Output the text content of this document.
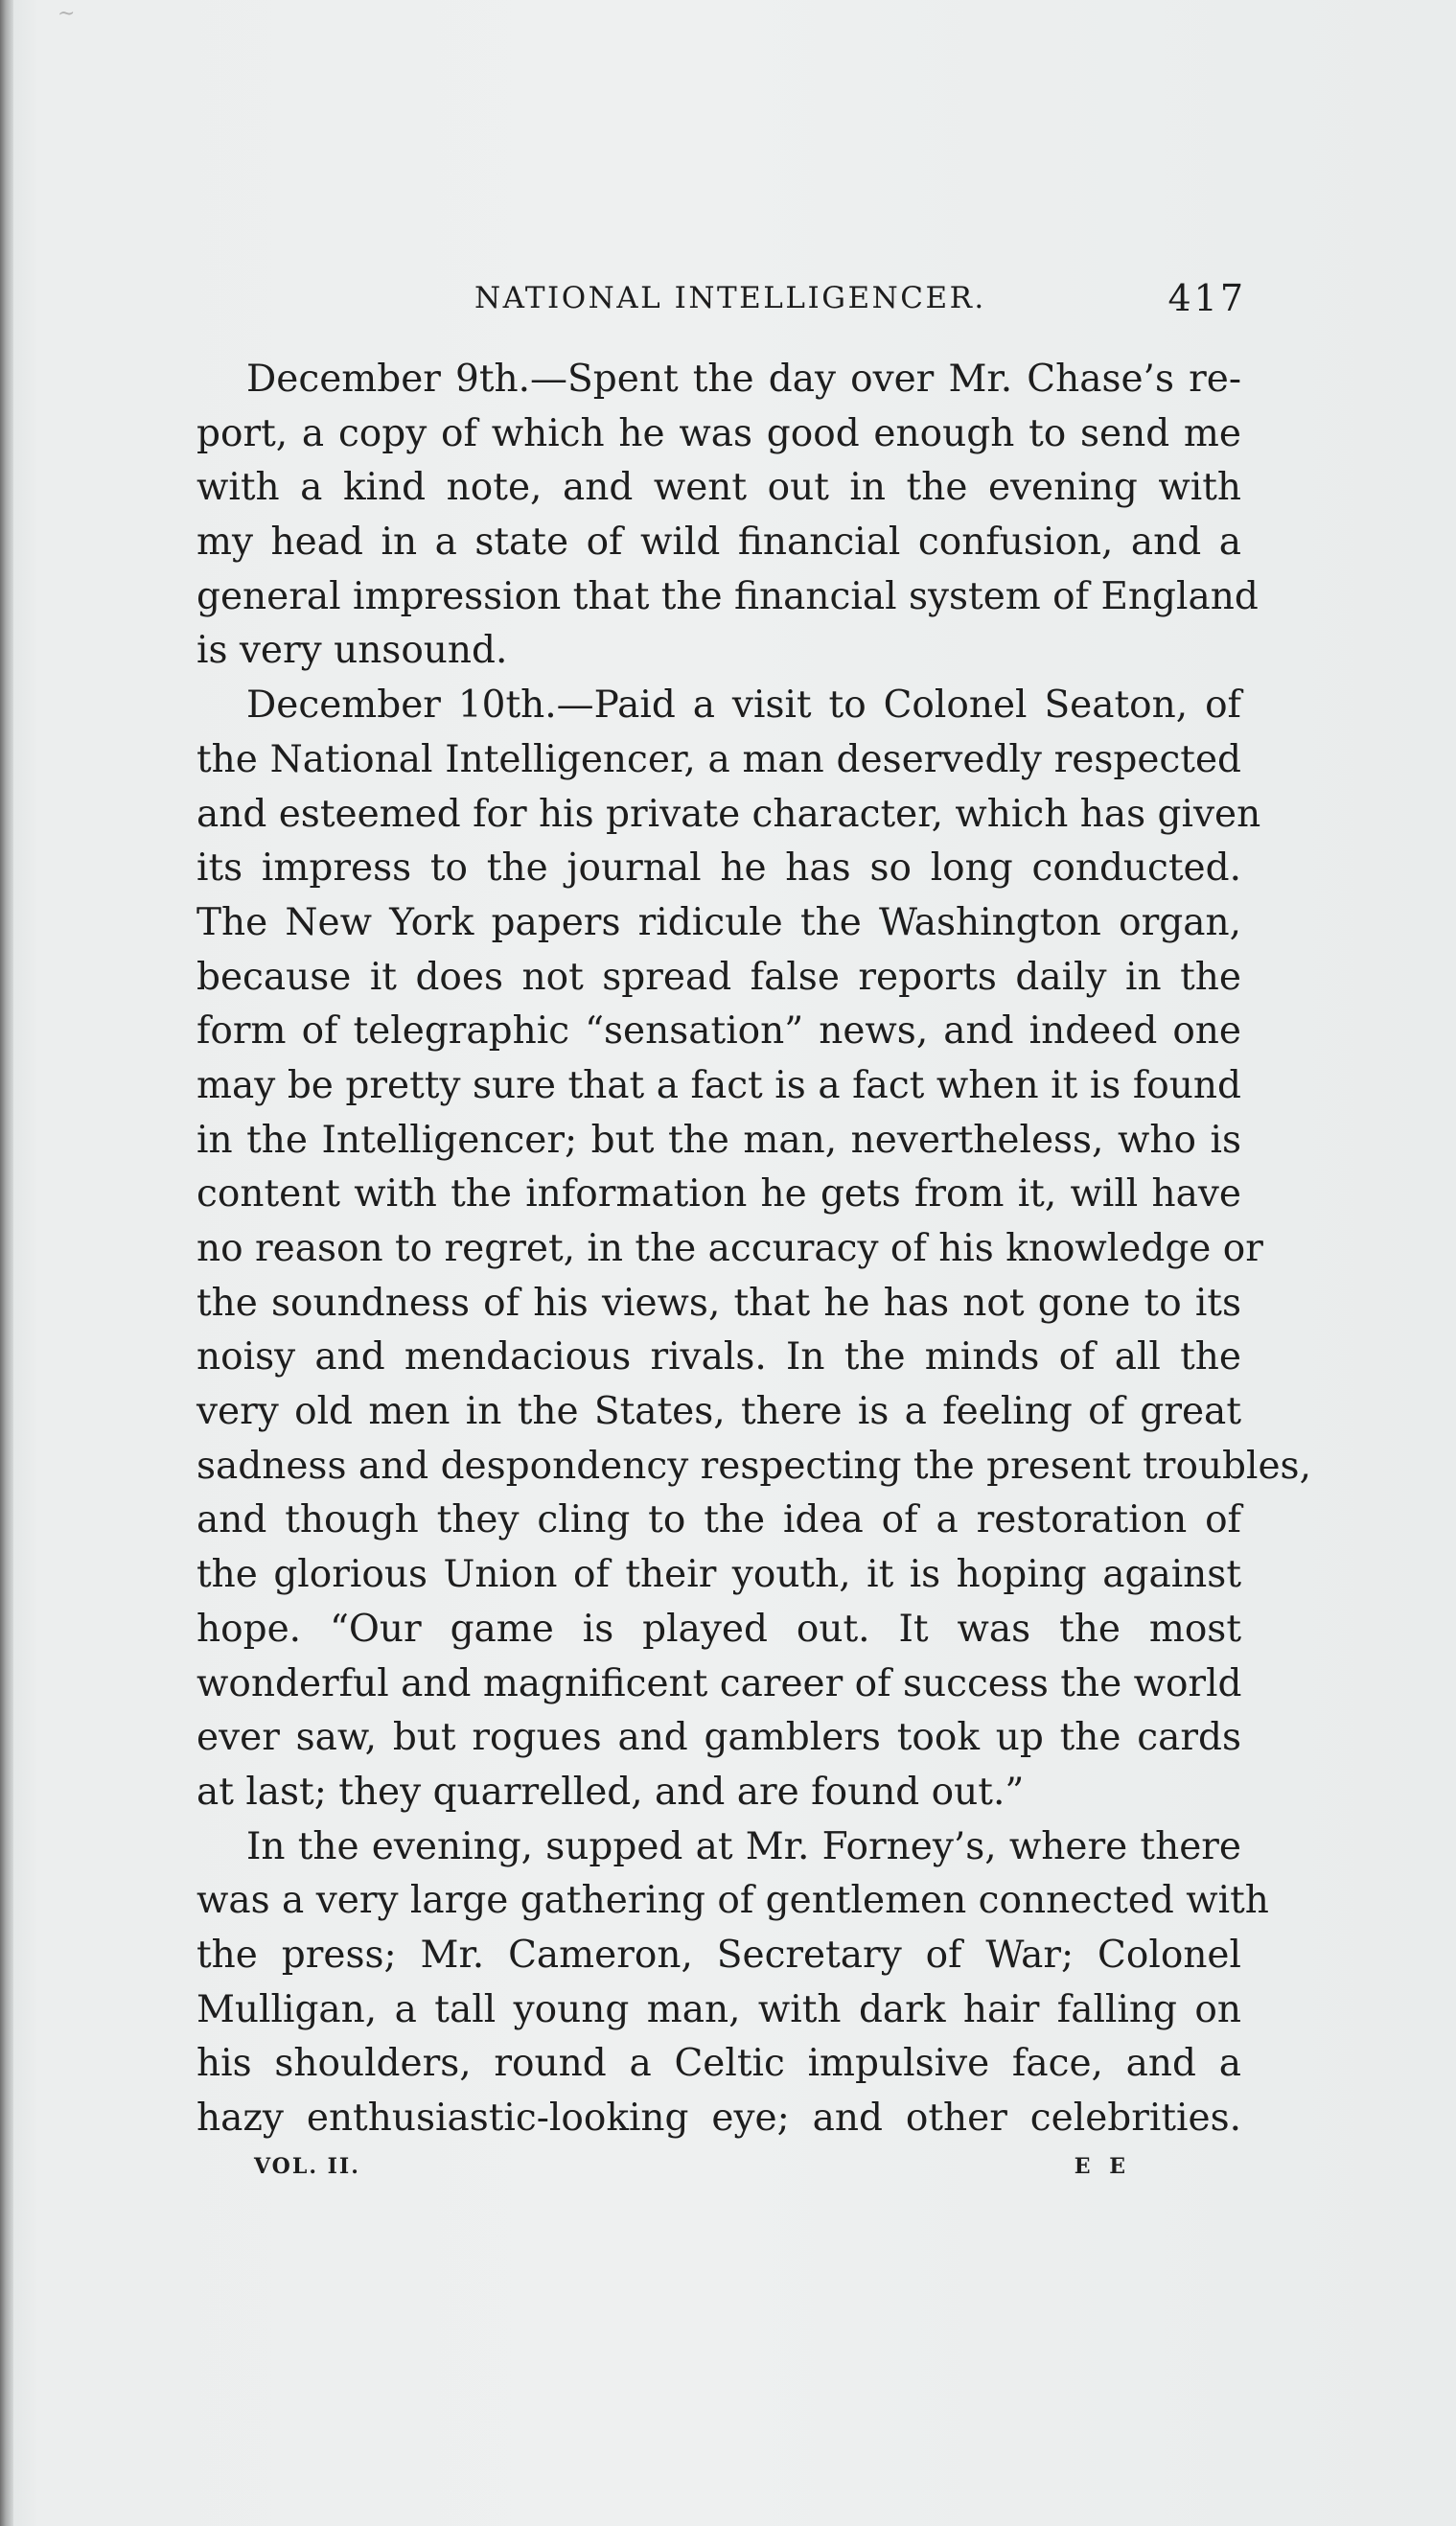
~
NATIONAL INTELLIGENCER.	417
December 9th.—Spent the day over Mr. Chase’s re-
port, a copy of which he was good enough to send me
with a kind note, and went out in the evening with
my head in a state of wild financial confusion, and a
general impression that the financial system of England
is very unsound.
December 10th.—Paid a visit to Colonel Seaton, of
the National Intelligencer, a man deservedly respected
and esteemed for his private character, which has given
its impress to the journal he has so long conducted.
The New York papers ridicule the Washington organ,
because it does not spread false reports daily in the
form of telegraphic “sensation” news, and indeed one
may be pretty sure that a fact is a fact when it is found
in the Intelligencer; but the man, nevertheless, who is
content with the information he gets from it, will have
no reason to regret, in the accuracy of his knowledge or
the soundness of his views, that he has not gone to its
noisy and mendacious rivals. In the minds of all the
very old men in the States, there is a feeling of great
sadness and despondency respecting the present troubles,
and though they cling to the idea of a restoration of
the glorious Union of their youth, it is hoping against
hope. “Our game is played out. It was the most
wonderful and magnificent career of success the world
ever saw, but rogues and gamblers took up the cards
at last; they quarrelled, and are found out.”
In the evening, supped at Mr. Forney’s, where there
was a very large gathering of gentlemen connected with
the press; Mr. Cameron, Secretary of War; Colonel
Mulligan, a tall young man, with dark hair falling on
his shoulders, round a Celtic impulsive face, and a
hazy enthusiastic-looking eye; and other celebrities.
VOL. II.	E E
